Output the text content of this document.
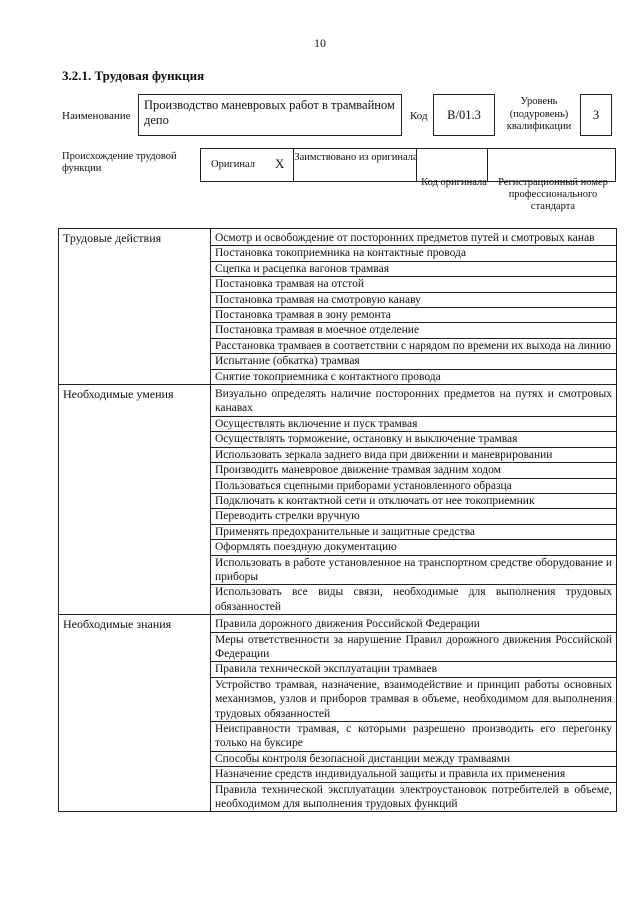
10
3.2.1. Трудовая функция
Наименование
Производство маневровых работ в трамвайном депо	Код B/01.3
Уровень (подуровень) квалификации
3
Происхождение трудовой функции	Оригинал X Заимствовано из оригинала
Код оригинала	Регистрационный номер профессионального стандарта
Трудовые действия	Осмотр и освобождение от посторонних предметов путей и смотровых канав
	Постановка токоприемника на контактные провода
	Сцепка и расцепка вагонов трамвая
	Постановка трамвая на отстой
	Постановка трамвая на смотровую канаву
	Постановка трамвая в зону ремонта
	Постановка трамвая в моечное отделение
	Расстановка трамваев в соответствии с нарядом по времени их выхода на линию
	Испытание (обкатка) трамвая
	Снятие токоприемника с контактного провода
Необходимые умения	Визуально определять наличие посторонних предметов на путях и смотровых канавах
	Осуществлять включение и пуск трамвая
	Осуществлять торможение, остановку и выключение трамвая
	Использовать зеркала заднего вида при движении и маневрировании
	Производить маневровое движение трамвая задним ходом
	Пользоваться сцепными приборами установленного образца
	Подключать к контактной сети и отключать от нее токоприемник
	Переводить стрелки вручную
	Применять предохранительные и защитные средства
	Оформлять поездную документацию
	Использовать в работе установленное на транспортном средстве оборудование и приборы
	Использовать все виды связи, необходимые для выполнения трудовых обязанностей
Необходимые знания	Правила дорожного движения Российской Федерации
	Меры ответственности за нарушение Правил дорожного движения Российской Федерации
	Правила технической эксплуатации трамваев
	Устройство трамвая, назначение, взаимодействие и принцип работы основных механизмов, узлов и приборов трамвая в объеме, необходимом для выполнения трудовых обязанностей
	Неисправности трамвая, с которыми разрешено производить его перегонку только на буксире
	Способы контроля безопасной дистанции между трамваями
	Назначение средств индивидуальной защиты и правила их применения
	Правила технической эксплуатации электроустановок потребителей в объеме, необходимом для выполнения трудовых функций
